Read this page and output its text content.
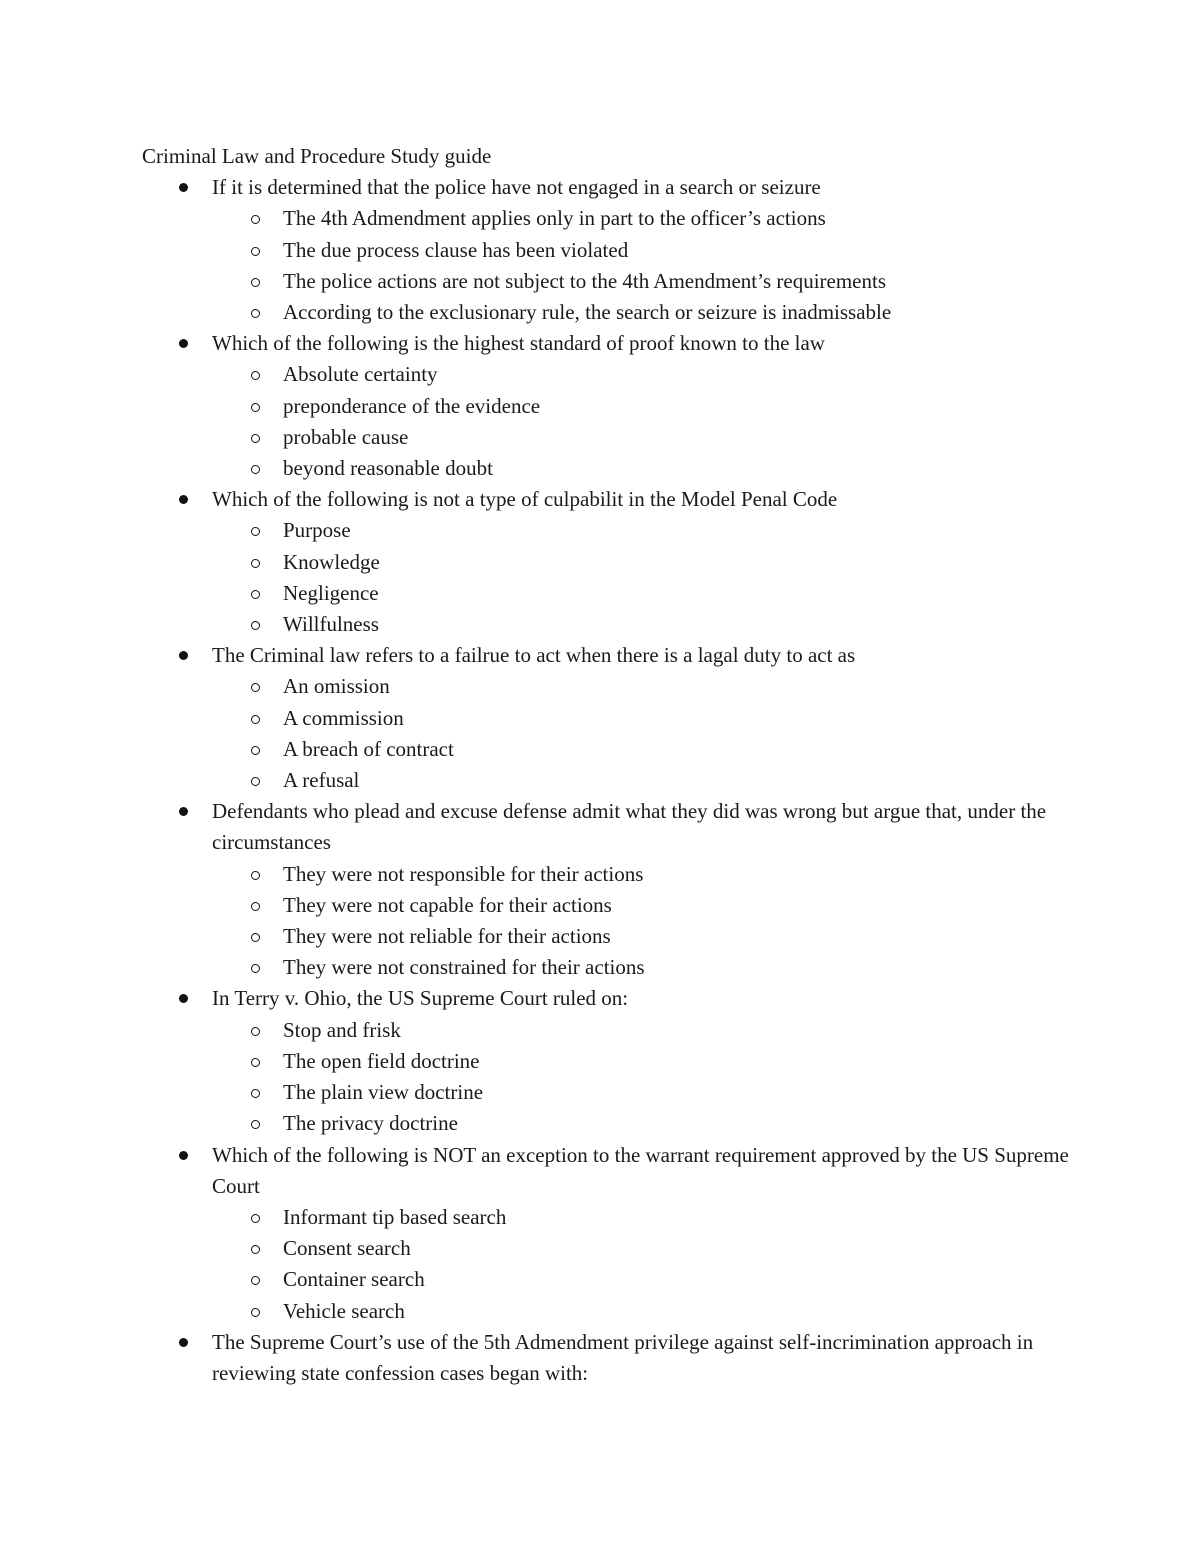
Criminal Law and Procedure Study guide
If it is determined that the police have not engaged in a search or seizure
The 4th Admendment applies only in part to the officer’s actions
The due process clause has been violated
The police actions are not subject to the 4th Amendment’s requirements
According to the exclusionary rule, the search or seizure is inadmissable
Which of the following is the highest standard of proof known to the law
Absolute certainty
preponderance of the evidence
probable cause
beyond reasonable doubt
Which of the following is not a type of culpabilit in the Model Penal Code
Purpose
Knowledge
Negligence
Willfulness
The Criminal law refers to a failrue to act when there is a lagal duty to act as
An omission
A commission
A breach of contract
A refusal
Defendants who plead and excuse defense admit what they did was wrong but argue that, under the circumstances
They were not responsible for their actions
They were not capable for their actions
They were not reliable for their actions
They were not constrained for their actions
In Terry v. Ohio, the US Supreme Court ruled on:
Stop and frisk
The open field doctrine
The plain view doctrine
The privacy doctrine
Which of the following is NOT an exception to the warrant requirement approved by the US Supreme Court
Informant tip based search
Consent search
Container search
Vehicle search
The Supreme Court’s use of the 5th Admendment privilege against self-incrimination approach in reviewing state confession cases began with:
